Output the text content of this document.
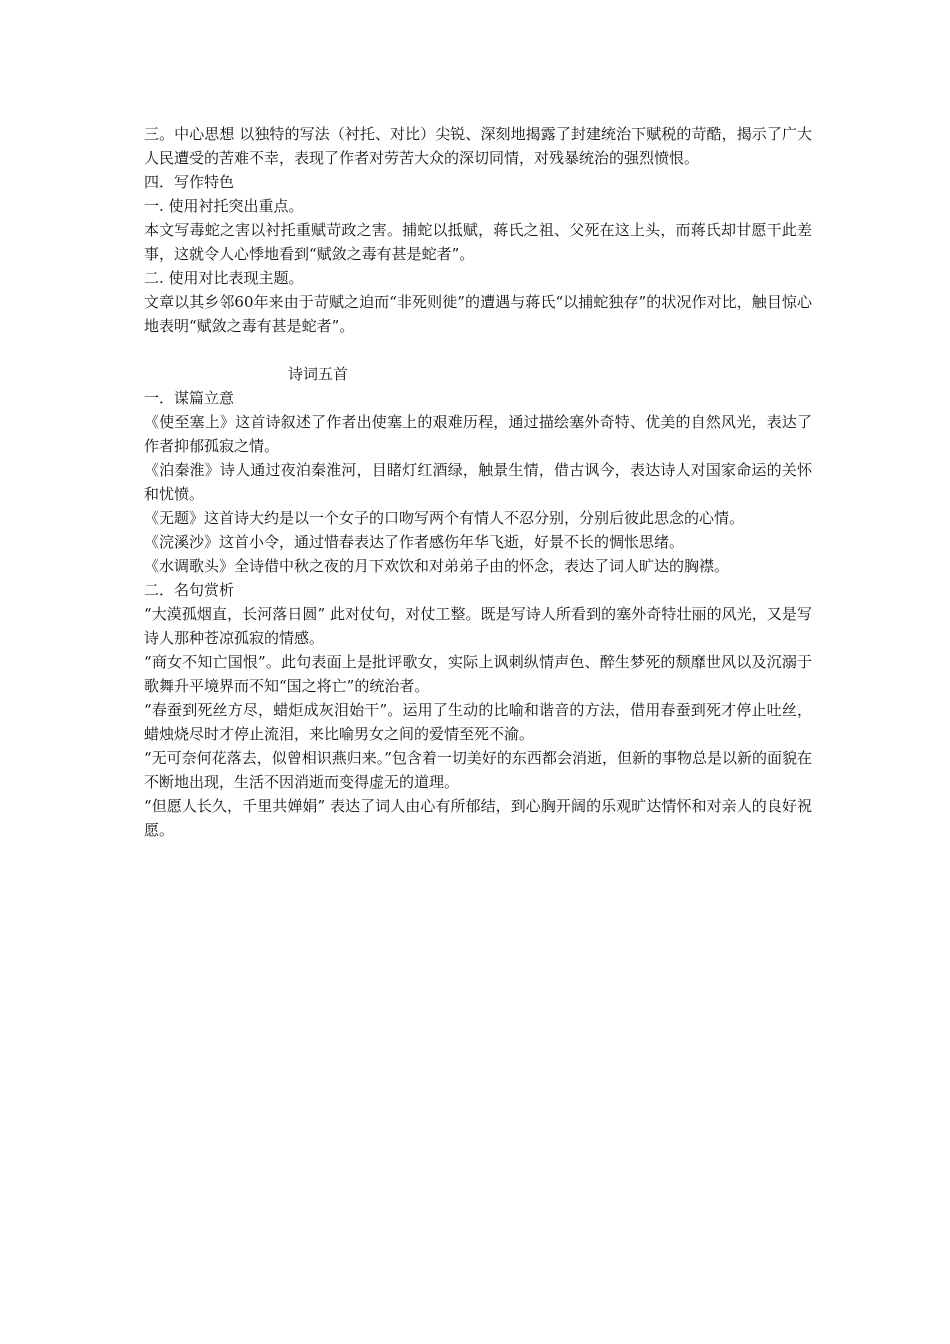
三。中心思想 以独特的写法（衬托、对比）尖锐、深刻地揭露了封建统治下赋税的苛酷，揭示了广大人民遭受的苦难不幸，表现了作者对劳苦大众的深切同情，对残暴统治的强烈愤恨。

四．写作特色

一. 使用衬托突出重点。

本文写毒蛇之害以衬托重赋苛政之害。捕蛇以抵赋，蒋氏之祖、父死在这上头，而蒋氏却甘愿干此差事，这就令人心悸地看到“赋敛之毒有甚是蛇者”。

二. 使用对比表现主题。

文章以其乡邻60年来由于苛赋之迫而“非死则徙”的遭遇与蒋氏“以捕蛇独存”的状况作对比，触目惊心地表明“赋敛之毒有甚是蛇者”。

诗词五首

一．谋篇立意

《使至塞上》这首诗叙述了作者出使塞上的艰难历程，通过描绘塞外奇特、优美的自然风光，表达了作者抑郁孤寂之情。

《泊秦淮》诗人通过夜泊秦淮河，目睹灯红酒绿，触景生情，借古讽今，表达诗人对国家命运的关怀和忧愤。

《无题》这首诗大约是以一个女子的口吻写两个有情人不忍分别，分别后彼此思念的心情。

《浣溪沙》这首小令，通过惜春表达了作者感伤年华飞逝，好景不长的惆怅思绪。

《水调歌头》全诗借中秋之夜的月下欢饮和对弟弟子由的怀念，表达了词人旷达的胸襟。

二．名句赏析

“大漠孤烟直，长河落日圆” 此对仗句，对仗工整。既是写诗人所看到的塞外奇特壮丽的风光，又是写诗人那种苍凉孤寂的情感。

“商女不知亡国恨”。此句表面上是批评歌女，实际上讽刺纵情声色、醉生梦死的颓靡世风以及沉溺于歌舞升平境界而不知“国之将亡”的统治者。

“春蚕到死丝方尽，蜡炬成灰泪始干”。运用了生动的比喻和谐音的方法，借用春蚕到死才停止吐丝，蜡烛烧尽时才停止流泪，来比喻男女之间的爱情至死不渝。

“无可奈何花落去，似曾相识燕归来。”包含着一切美好的东西都会消逝，但新的事物总是以新的面貌在不断地出现，生活不因消逝而变得虚无的道理。

“但愿人长久，千里共婵娟” 表达了词人由心有所郁结，到心胸开阔的乐观旷达情怀和对亲人的良好祝愿。
